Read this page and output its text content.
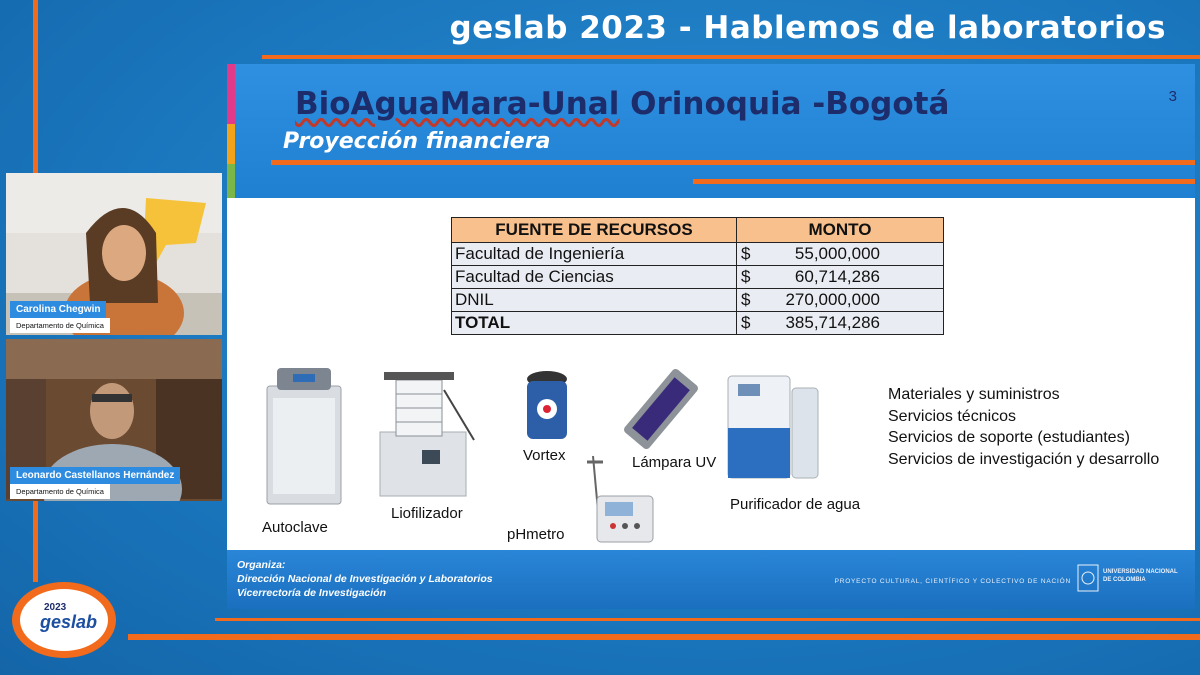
geslab 2023 - Hablemos de laboratorios
BioAguaMara-Unal Orinoquia -Bogotá
Proyección financiera
3
FUENTE DE RECURSOS	MONTO
Facultad de Ingeniería	$ 55,000,000

Facultad de Ciencias	$ 60,714,286

DNIL	$ 270,000,000

TOTAL	$ 385,714,286
Autoclave
Liofilizador
Vortex
pHmetro
Lámpara UV
Purificador de agua
Materiales y suministros
Servicios técnicos
Servicios de soporte (estudiantes)
Servicios de investigación y desarrollo
Organiza:
Dirección Nacional de Investigación y Laboratorios
Vicerrectoría de Investigación
PROYECTO CULTURAL, CIENTÍFICO Y COLECTIVO DE NACIÓN
UNIVERSIDAD NACIONAL DE COLOMBIA
Carolina Chegwin
Departamento de Química
Leonardo Castellanos Hernández
Departamento de Química
2023
geslab
